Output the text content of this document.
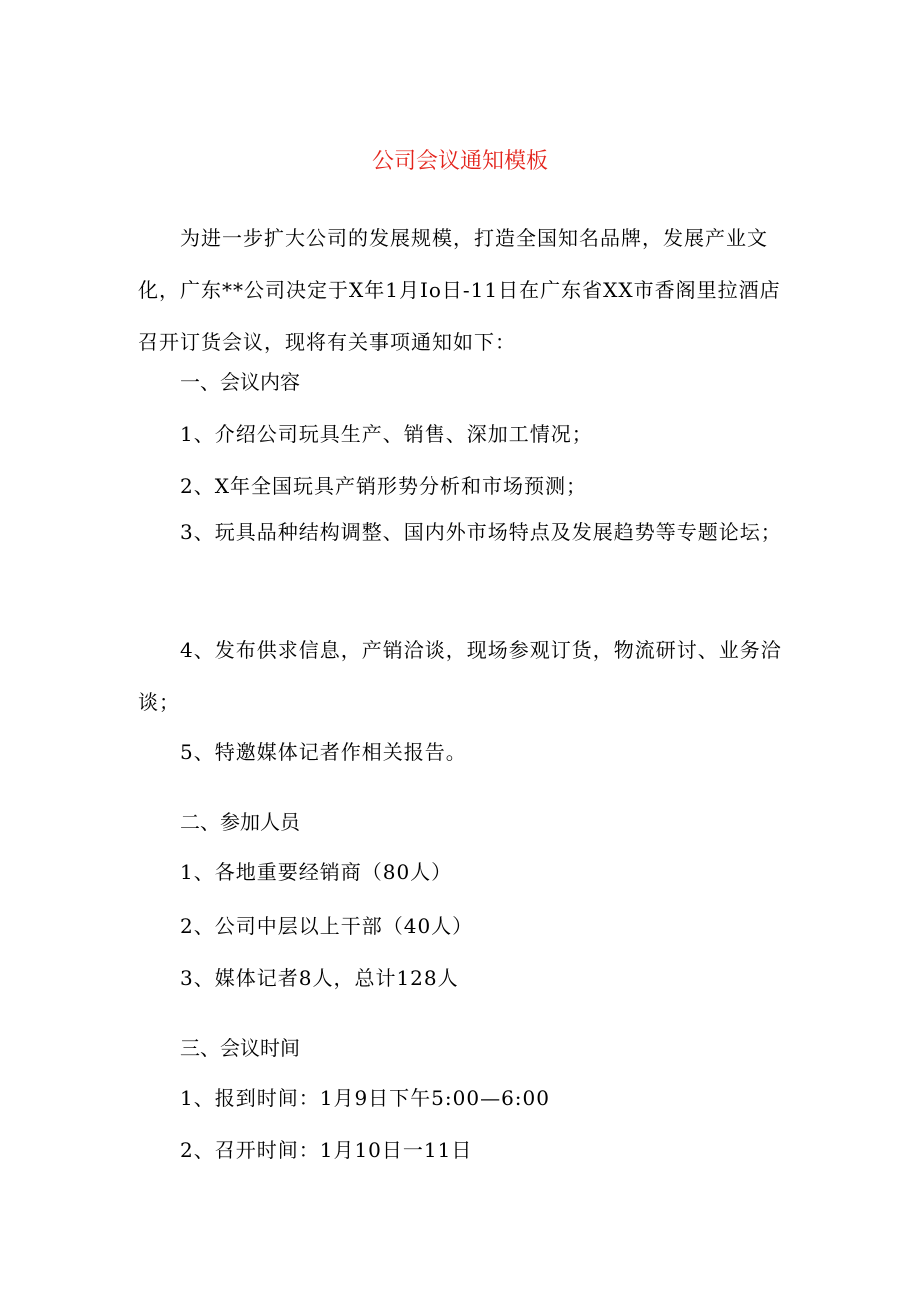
公司会议通知模板
为进一步扩大公司的发展规模，打造全国知名品牌，发展产业文化，广东**公司决定于X年1月Io日-11日在广东省XX市香阁里拉酒店召开订货会议，现将有关事项通知如下：
一、会议内容
1、介绍公司玩具生产、销售、深加工情况；
2、X年全国玩具产销形势分析和市场预测；
3、玩具品种结构调整、国内外市场特点及发展趋势等专题论坛；
4、发布供求信息，产销洽谈，现场参观订货，物流研讨、业务洽谈；
5、特邀媒体记者作相关报告。
二、参加人员
1、各地重要经销商（80人）
2、公司中层以上干部（40人）
3、媒体记者8人，总计128人
三、会议时间
1、报到时间：1月9日下午5:00—6:00
2、召开时间：1月10日一11日
